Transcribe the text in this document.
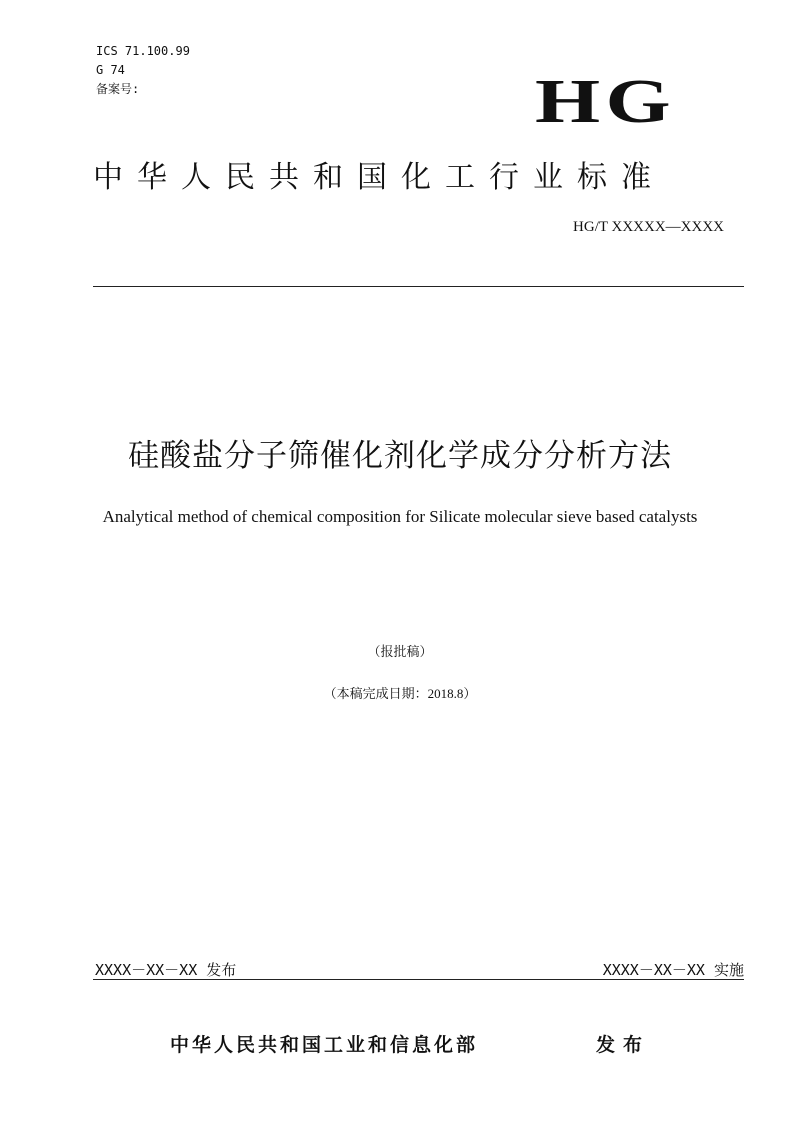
ICS 71.100.99
G 74
备案号:	HG
中华人民共和国化工行业标准
HG/T XXXXX—XXXX
硅酸盐分子筛催化剂化学成分分析方法
Analytical method of chemical composition for Silicate molecular sieve based catalysts
（报批稿）
（本稿完成日期：2018.8）
XXXX－XX－XX 发布	XXXX－XX－XX 实施
中华人民共和国工业和信息化部	发布
